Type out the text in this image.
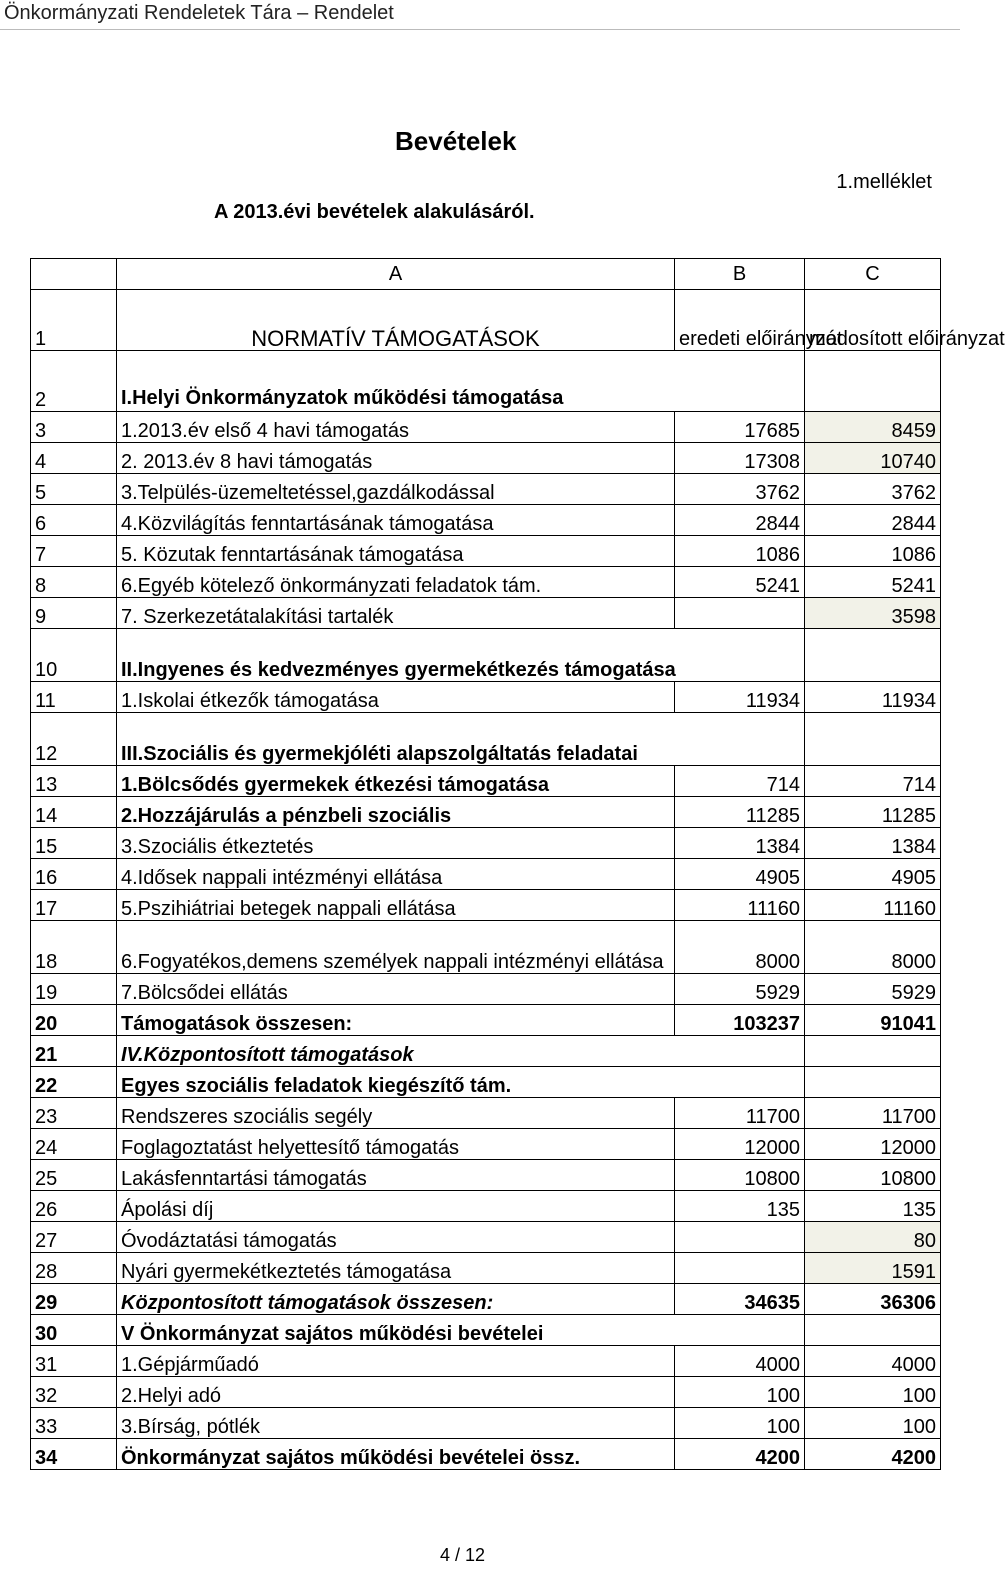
Önkormányzati Rendeletek Tára – Rendelet
Bevételek
1.melléklet
A 2013.évi bevételek alakulásáról.
	A	B	C
1	NORMATÍV TÁMOGATÁSOK	eredeti előirányzat	módosított előirányzat
2	I.Helyi Önkormányzatok működési támogatása		
3	1.2013.év első 4 havi támogatás	17685	8459
4	2. 2013.év 8 havi támogatás	17308	10740
5	3.Telpülés-üzemeltetéssel,gazdálkodással	3762	3762
6	4.Közvilágítás fenntartásának támogatása	2844	2844
7	5. Közutak fenntartásának támogatása	1086	1086
8	6.Egyéb kötelező önkormányzati feladatok tám.	5241	5241
9	7. Szerkezetátalakítási tartalék		3598
10	II.Ingyenes és kedvezményes gyermekétkezés támogatása		
11	1.Iskolai étkezők támogatása	11934	11934
12	III.Szociális és gyermekjóléti alapszolgáltatás feladatai		
13	1.Bölcsődés gyermekek étkezési támogatása	714	714
14	2.Hozzájárulás a pénzbeli szociális	11285	11285
15	3.Szociális étkeztetés	1384	1384
16	4.Idősek nappali intézményi ellátása	4905	4905
17	5.Pszihiátriai betegek nappali ellátása	11160	11160
18	6.Fogyatékos,demens személyek nappali intézményi ellátása	8000	8000
19	7.Bölcsődei ellátás	5929	5929
20	Támogatások összesen:	103237	91041
21	IV.Központosított támogatások		
22	Egyes szociális feladatok kiegészítő tám.		
23	Rendszeres szociális segély	11700	11700
24	Foglagoztatást helyettesítő támogatás	12000	12000
25	Lakásfenntartási támogatás	10800	10800
26	Ápolási díj	135	135
27	Óvodáztatási támogatás		80
28	Nyári gyermekétkeztetés támogatása		1591
29	Központosított támogatások összesen:	34635	36306
30	V Önkormányzat sajátos működési bevételei		
31	1.Gépjárműadó	4000	4000
32	2.Helyi adó	100	100
33	3.Bírság, pótlék	100	100
34	Önkormányzat sajátos működési bevételei össz.	4200	4200
4 / 12
